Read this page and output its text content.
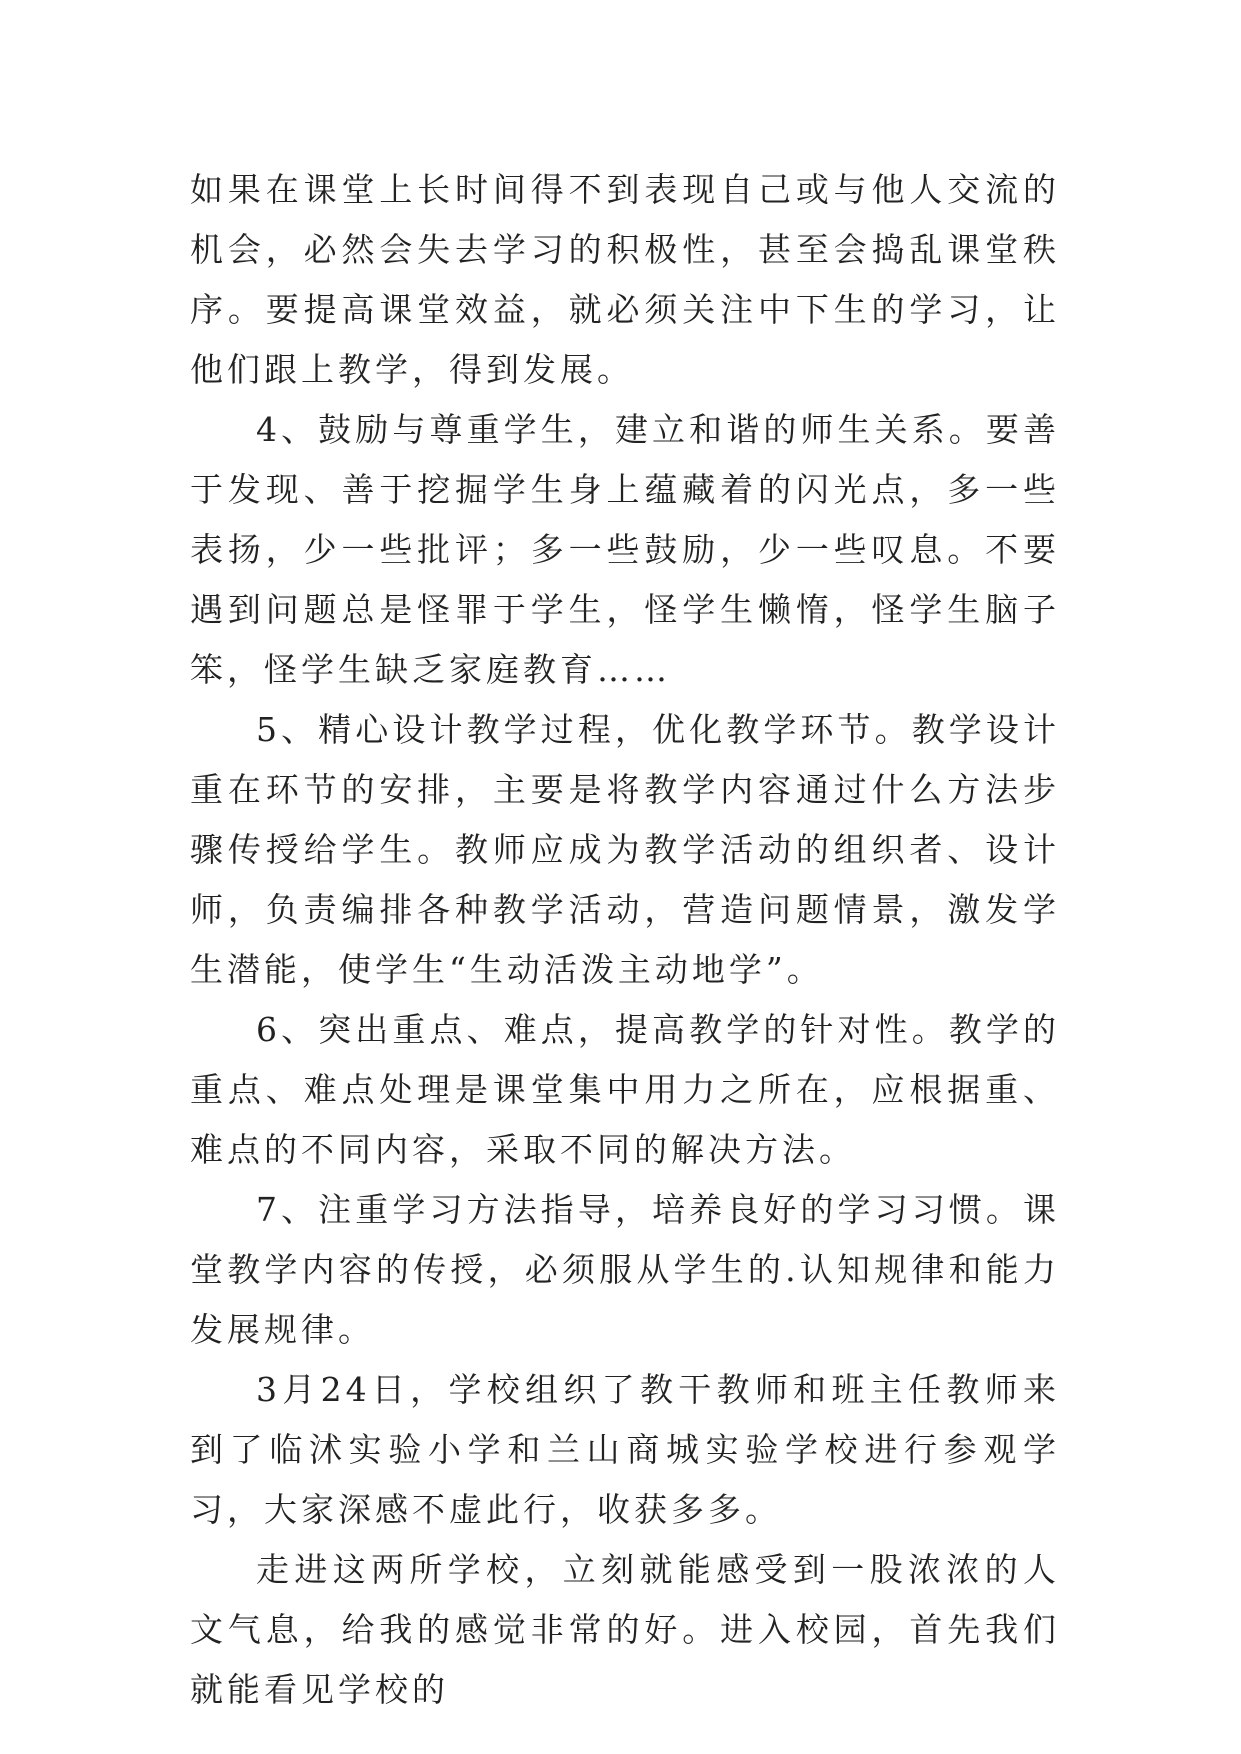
如果在课堂上长时间得不到表现自己或与他人交流的机会，必然会失去学习的积极性，甚至会捣乱课堂秩序。要提高课堂效益，就必须关注中下生的学习，让他们跟上教学，得到发展。

4、鼓励与尊重学生，建立和谐的师生关系。要善于发现、善于挖掘学生身上蕴藏着的闪光点，多一些表扬，少一些批评；多一些鼓励，少一些叹息。不要遇到问题总是怪罪于学生，怪学生懒惰，怪学生脑子笨，怪学生缺乏家庭教育……

5、精心设计教学过程，优化教学环节。教学设计重在环节的安排，主要是将教学内容通过什么方法步骤传授给学生。教师应成为教学活动的组织者、设计师，负责编排各种教学活动，营造问题情景，激发学生潜能，使学生“生动活泼主动地学”。

6、突出重点、难点，提高教学的针对性。教学的重点、难点处理是课堂集中用力之所在，应根据重、难点的不同内容，采取不同的解决方法。

7、注重学习方法指导，培养良好的学习习惯。课堂教学内容的传授，必须服从学生的.认知规律和能力发展规律。

3月24日，学校组织了教干教师和班主任教师来到了临沭实验小学和兰山商城实验学校进行参观学习，大家深感不虚此行，收获多多。

走进这两所学校，立刻就能感受到一股浓浓的人文气息，给我的感觉非常的好。进入校园，首先我们就能看见学校的
